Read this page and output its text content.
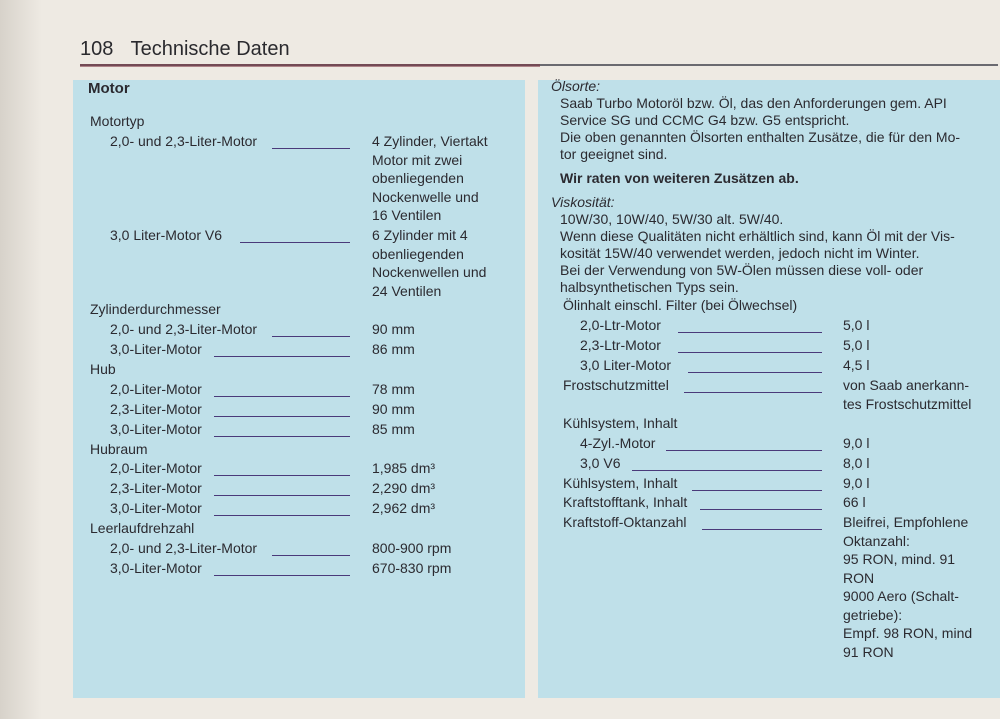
108 Technische Daten
Motor
Motortyp
2,0- und 2,3-Liter-Motor	4 Zylinder, Viertakt
Motor mit zwei
obenliegenden
Nockenwelle und
16 Ventilen
3,0 Liter-Motor V6	6 Zylinder mit 4
obenliegenden
Nockenwellen und
24 Ventilen
Zylinderdurchmesser
2,0- und 2,3-Liter-Motor	90 mm
3,0-Liter-Motor	86 mm
Hub
2,0-Liter-Motor	78 mm
2,3-Liter-Motor	90 mm
3,0-Liter-Motor	85 mm
Hubraum
2,0-Liter-Motor	1,985 dm³
2,3-Liter-Motor	2,290 dm³
3,0-Liter-Motor	2,962 dm³
Leerlaufdrehzahl
2,0- und 2,3-Liter-Motor	800-900 rpm
3,0-Liter-Motor	670-830 rpm
Ölsorte:
Saab Turbo Motoröl bzw. Öl, das den Anforderungen gem. API
Service SG und CCMC G4 bzw. G5 entspricht.
Die oben genannten Ölsorten enthalten Zusätze, die für den Mo-
tor geeignet sind.
Wir raten von weiteren Zusätzen ab.
Viskosität:
10W/30, 10W/40, 5W/30 alt. 5W/40.
Wenn diese Qualitäten nicht erhältlich sind, kann Öl mit der Vis-
kosität 15W/40 verwendet werden, jedoch nicht im Winter.
Bei der Verwendung von 5W-Ölen müssen diese voll- oder
halbsynthetischen Typs sein.
Ölinhalt einschl. Filter (bei Ölwechsel)
2,0-Ltr-Motor	5,0 l
2,3-Ltr-Motor	5,0 l
3,0 Liter-Motor	4,5 l
Frostschutzmittel	von Saab anerkann-
tes Frostschutzmittel
Kühlsystem, Inhalt
4-Zyl.-Motor	9,0 l
3,0 V6	8,0 l
Kühlsystem, Inhalt	9,0 l
Kraftstofftank, Inhalt	66 l
Kraftstoff-Oktanzahl	Bleifrei, Empfohlene
Oktanzahl:
95 RON, mind. 91
RON
9000 Aero (Schalt-
getriebe):
Empf. 98 RON, mind
91 RON
